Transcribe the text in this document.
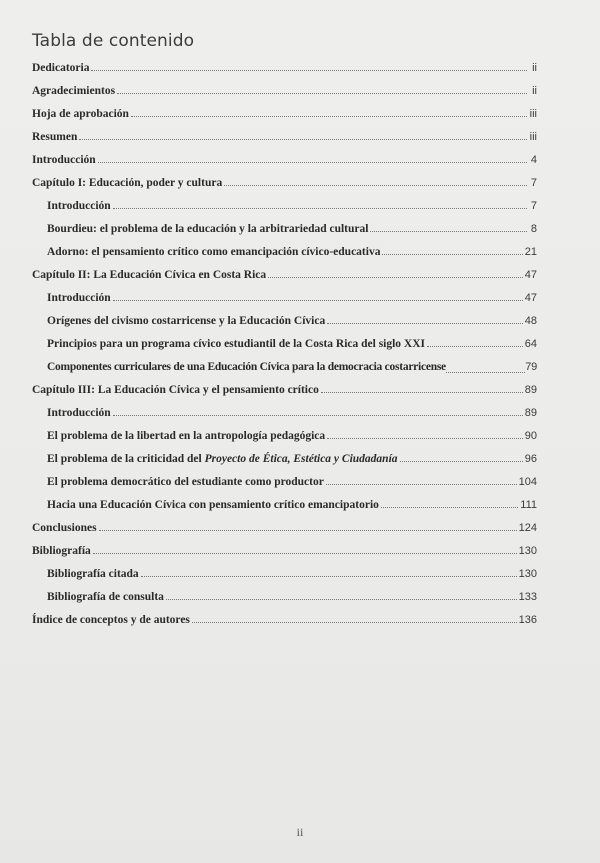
Tabla de contenido
Dedicatoria	ii
Agradecimientos	ii
Hoja de aprobación	iii
Resumen	iii
Introducción	4
Capítulo I: Educación, poder y cultura	7
Introducción	7
Bourdieu: el problema de la educación y la arbitrariedad cultural	8
Adorno: el pensamiento crítico como emancipación cívico-educativa	21
Capítulo II: La Educación Cívica en Costa Rica	47
Introducción	47
Orígenes del civismo costarricense y la Educación Cívica	48
Principios para un programa cívico estudiantil de la Costa Rica del siglo XXI	64
Componentes curriculares de una Educación Cívica para la democracia costarricense	79
Capítulo III: La Educación Cívica y el pensamiento crítico	89
Introducción	89
El problema de la libertad en la antropología pedagógica	90
El problema de la criticidad del Proyecto de Ética, Estética y Ciudadanía	96
El problema democrático del estudiante como productor	104
Hacia una Educación Cívica con pensamiento crítico emancipatorio	111
Conclusiones	124
Bibliografía	130
Bibliografía citada	130
Bibliografía de consulta	133
Índice de conceptos y de autores	136
ii
